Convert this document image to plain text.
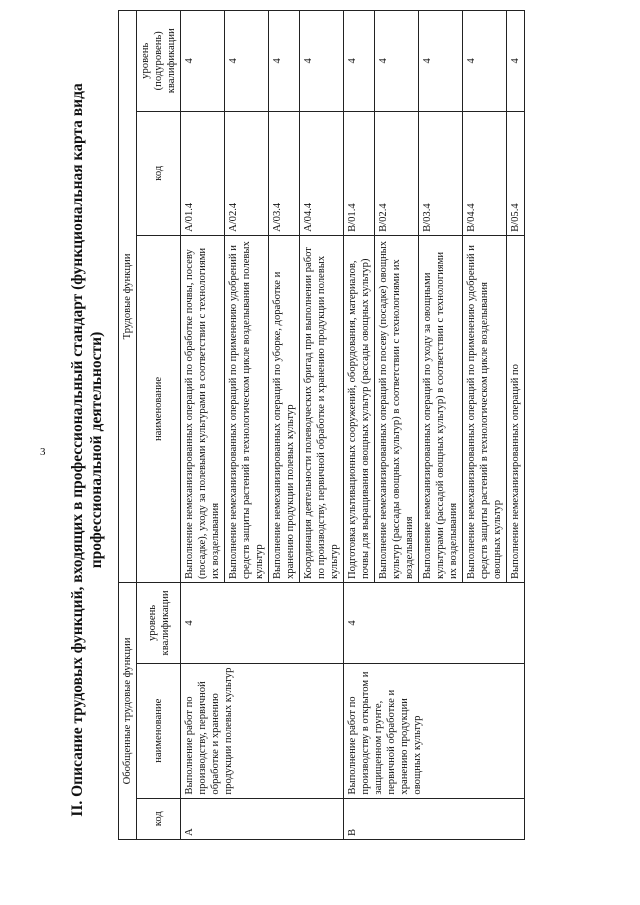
3 II. Описание трудовых функций, входящих в профессиональный стандарт (функциональная карта вида профессиональной деятельности)
Обобщенные трудовые функции			Трудовые функции		
код	наименование	уровень квалификации	наименование	код	уровень (подуровень) квалификации
А	Выполнение работ по производству, первичной обработке и хранению продукции полевых культур	4	Выполнение немеханизированных операций по обработке почвы, посеву (посадке), уходу за полевыми культурами в соответствии с технологиями их возделывания	А/01.4	4
			Выполнение немеханизированных операций по применению удобрений и средств защиты растений в технологическом цикле возделывания полевых культур	А/02.4	4
			Выполнение немеханизированных операций по уборке, доработке и хранению продукции полевых культур	А/03.4	4
			Координация деятельности полеводческих бригад при выполнении работ по производству, первичной обработке и хранению продукции полевых культур	А/04.4	4
В	Выполнение работ по производству в открытом и защищенном грунте, первичной обработке и хранению продукции овощных культур	4	Подготовка культивационных сооружений, оборудования, материалов, почвы для выращивания овощных культур (рассады овощных культур)	В/01.4	4
			Выполнение немеханизированных операций по посеву (посадке) овощных культур (рассады овощных культур) в соответствии с технологиями их возделывания	В/02.4	4
			Выполнение немеханизированных операций по уходу за овощными культурами (рассадой овощных культур) в соответствии с технологиями их возделывания	В/03.4	4
			Выполнение немеханизированных операций по применению удобрений и средств защиты растений в технологическом цикле возделывания овощных культур	В/04.4	4
			Выполнение немеханизированных операций по	В/05.4	4
